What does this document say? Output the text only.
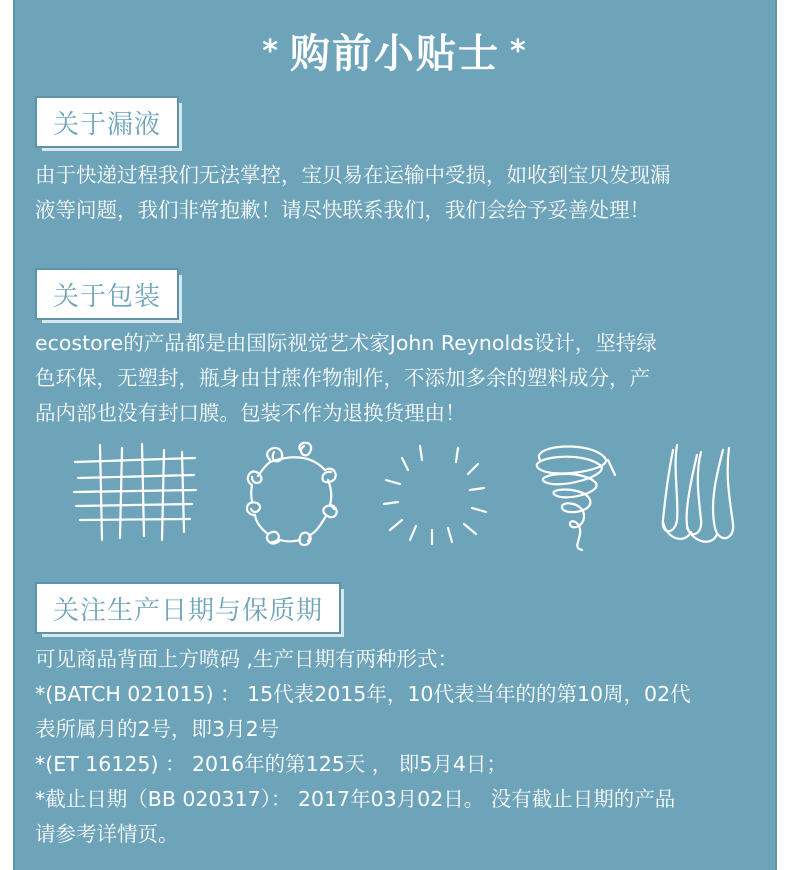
* 购前小贴士 *
关于漏液

由于快递过程我们无法掌控，宝贝易在运输中受损，如收到宝贝发现漏
液等问题，我们非常抱歉！请尽快联系我们，我们会给予妥善处理！

关于包装

ecostore的产品都是由国际视觉艺术家John Reynolds设计，坚持绿
色环保，无塑封，瓶身由甘蔗作物制作，不添加多余的塑料成分，产
品内部也没有封口膜。包装不作为退换货理由！

关注生产日期与保质期

可见商品背面上方喷码 ,生产日期有两种形式：
*(BATCH 021015) ： 15代表2015年，10代表当年的的第10周，02代
表所属月的2号，即3月2号
*(ET 16125) ： 2016年的第125天 ， 即5月4日；
*截止日期（BB 020317）： 2017年03月02日。 没有截止日期的产品
请参考详情页。
